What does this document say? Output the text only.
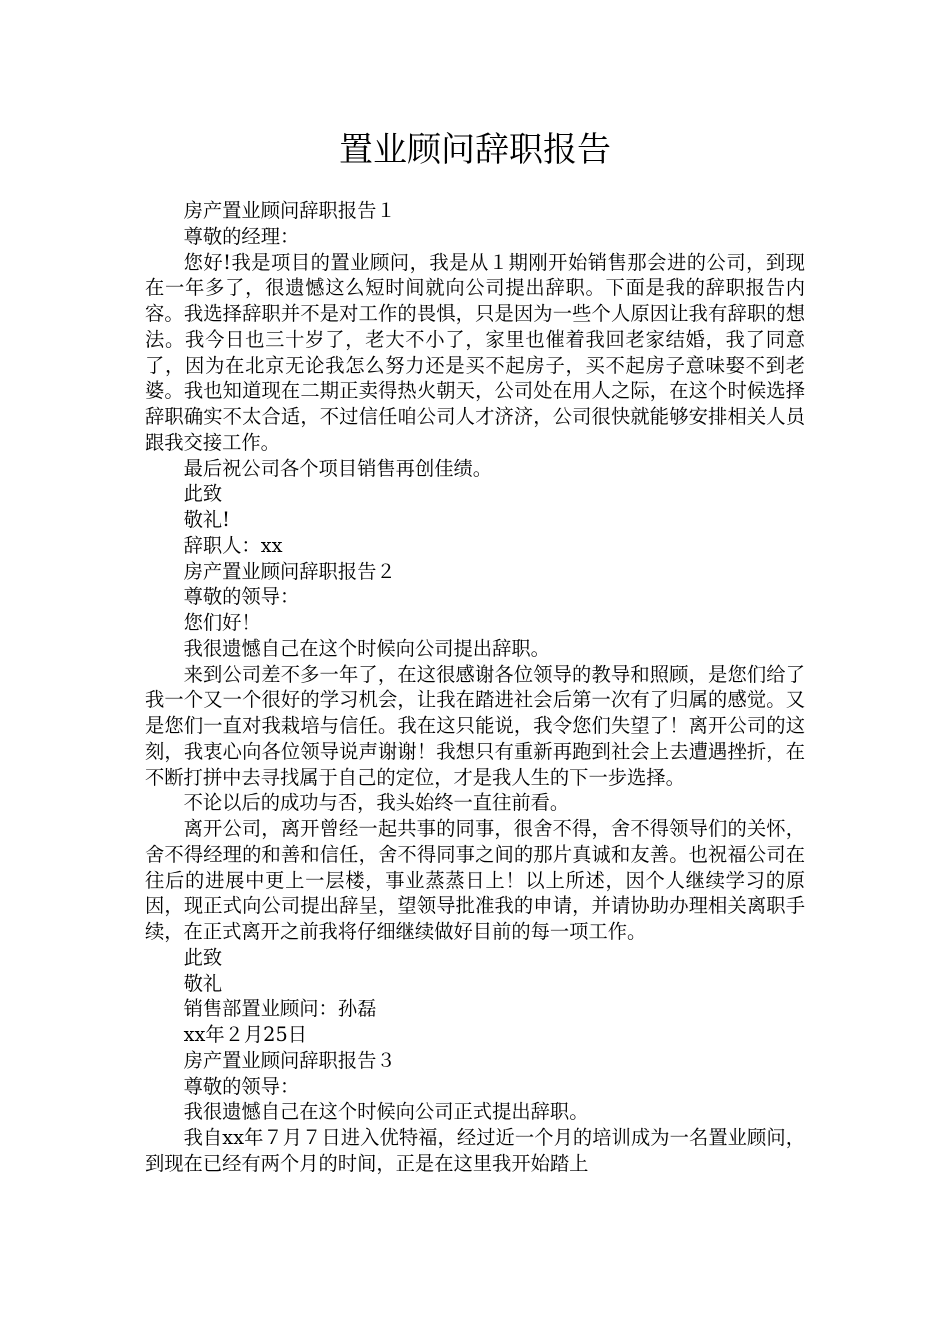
置业顾问辞职报告

房产置业顾问辞职报告１

尊敬的经理：

您好!我是项目的置业顾问，我是从１期刚开始销售那会进的公司，到现在一年多了，很遗憾这么短时间就向公司提出辞职。下面是我的辞职报告内容。我选择辞职并不是对工作的畏惧，只是因为一些个人原因让我有辞职的想法。我今日也三十岁了，老大不小了，家里也催着我回老家结婚，我了同意了，因为在北京无论我怎么努力还是买不起房子，买不起房子意味娶不到老婆。我也知道现在二期正卖得热火朝天，公司处在用人之际，在这个时候选择辞职确实不太合适，不过信任咱公司人才济济，公司很快就能够安排相关人员跟我交接工作。

最后祝公司各个项目销售再创佳绩。

此致

敬礼!

辞职人：xx

房产置业顾问辞职报告２

尊敬的领导：

您们好！

我很遗憾自己在这个时候向公司提出辞职。

来到公司差不多一年了，在这很感谢各位领导的教导和照顾，是您们给了我一个又一个很好的学习机会，让我在踏进社会后第一次有了归属的感觉。又是您们一直对我栽培与信任。我在这只能说，我令您们失望了！离开公司的这刻，我衷心向各位领导说声谢谢！我想只有重新再跑到社会上去遭遇挫折，在不断打拼中去寻找属于自己的定位，才是我人生的下一步选择。

不论以后的成功与否，我头始终一直往前看。

离开公司，离开曾经一起共事的同事，很舍不得，舍不得领导们的关怀，舍不得经理的和善和信任，舍不得同事之间的那片真诚和友善。也祝福公司在往后的进展中更上一层楼，事业蒸蒸日上！以上所述，因个人继续学习的原因，现正式向公司提出辞呈，望领导批准我的申请，并请协助办理相关离职手续，在正式离开之前我将仔细继续做好目前的每一项工作。

此致

敬礼

销售部置业顾问：孙磊

xx年２月25日

房产置业顾问辞职报告３

尊敬的领导：

我很遗憾自己在这个时候向公司正式提出辞职。

我自xx年７月７日进入优特福，经过近一个月的培训成为一名置业顾问，到现在已经有两个月的时间，正是在这里我开始踏上
